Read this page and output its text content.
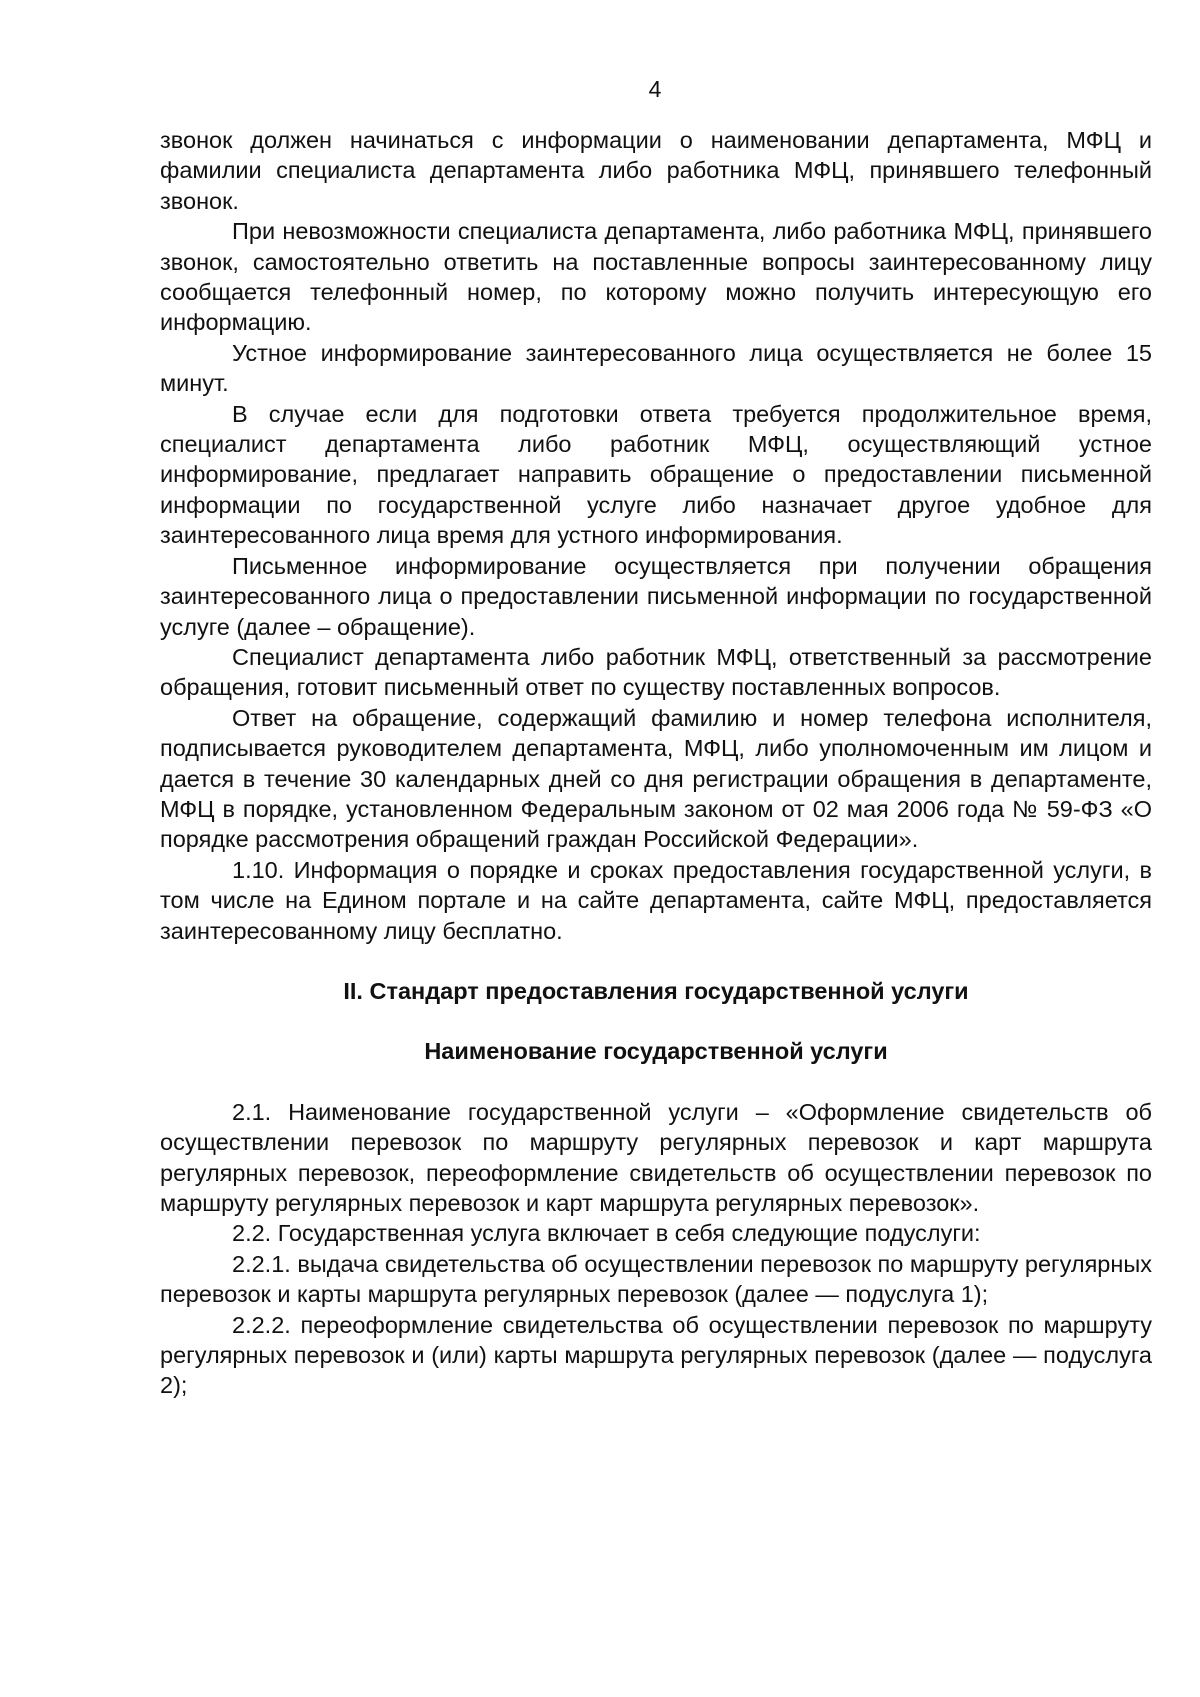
4

звонок должен начинаться с информации о наименовании департамента, МФЦ и фамилии специалиста департамента либо работника МФЦ, принявшего телефонный звонок.

При невозможности специалиста департамента, либо работника МФЦ, принявшего звонок, самостоятельно ответить на поставленные вопросы заинтересованному лицу сообщается телефонный номер, по которому можно получить интересующую его информацию.

Устное информирование заинтересованного лица осуществляется не более 15 минут.

В случае если для подготовки ответа требуется продолжительное время, специалист департамента либо работник МФЦ, осуществляющий устное информирование, предлагает направить обращение о предоставлении письменной информации по государственной услуге либо назначает другое удобное для заинтересованного лица время для устного информирования.

Письменное информирование осуществляется при получении обращения заинтересованного лица о предоставлении письменной информации по государственной услуге (далее – обращение).

Специалист департамента либо работник МФЦ, ответственный за рассмотрение обращения, готовит письменный ответ по существу поставленных вопросов.

Ответ на обращение, содержащий фамилию и номер телефона исполнителя, подписывается руководителем департамента, МФЦ, либо уполномоченным им лицом и дается в течение 30 календарных дней со дня регистрации обращения в департаменте, МФЦ в порядке, установленном Федеральным законом от 02 мая 2006 года № 59-ФЗ «О порядке рассмотрения обращений граждан Российской Федерации».

1.10. Информация о порядке и сроках предоставления государственной услуги, в том числе на Едином портале и на сайте департамента, сайте МФЦ, предоставляется заинтересованному лицу бесплатно.

II. Стандарт предоставления государственной услуги
Наименование государственной услуги

2.1. Наименование государственной услуги – «Оформление свидетельств об осуществлении перевозок по маршруту регулярных перевозок и карт маршрута регулярных перевозок, переоформление свидетельств об осуществлении перевозок по маршруту регулярных перевозок и карт маршрута регулярных перевозок».

2.2. Государственная услуга включает в себя следующие подуслуги:

2.2.1. выдача свидетельства об осуществлении перевозок по маршруту регулярных перевозок и карты маршрута регулярных перевозок (далее — подуслуга 1);

2.2.2. переоформление свидетельства об осуществлении перевозок по маршруту регулярных перевозок и (или) карты маршрута регулярных перевозок (далее — подуслуга 2);
